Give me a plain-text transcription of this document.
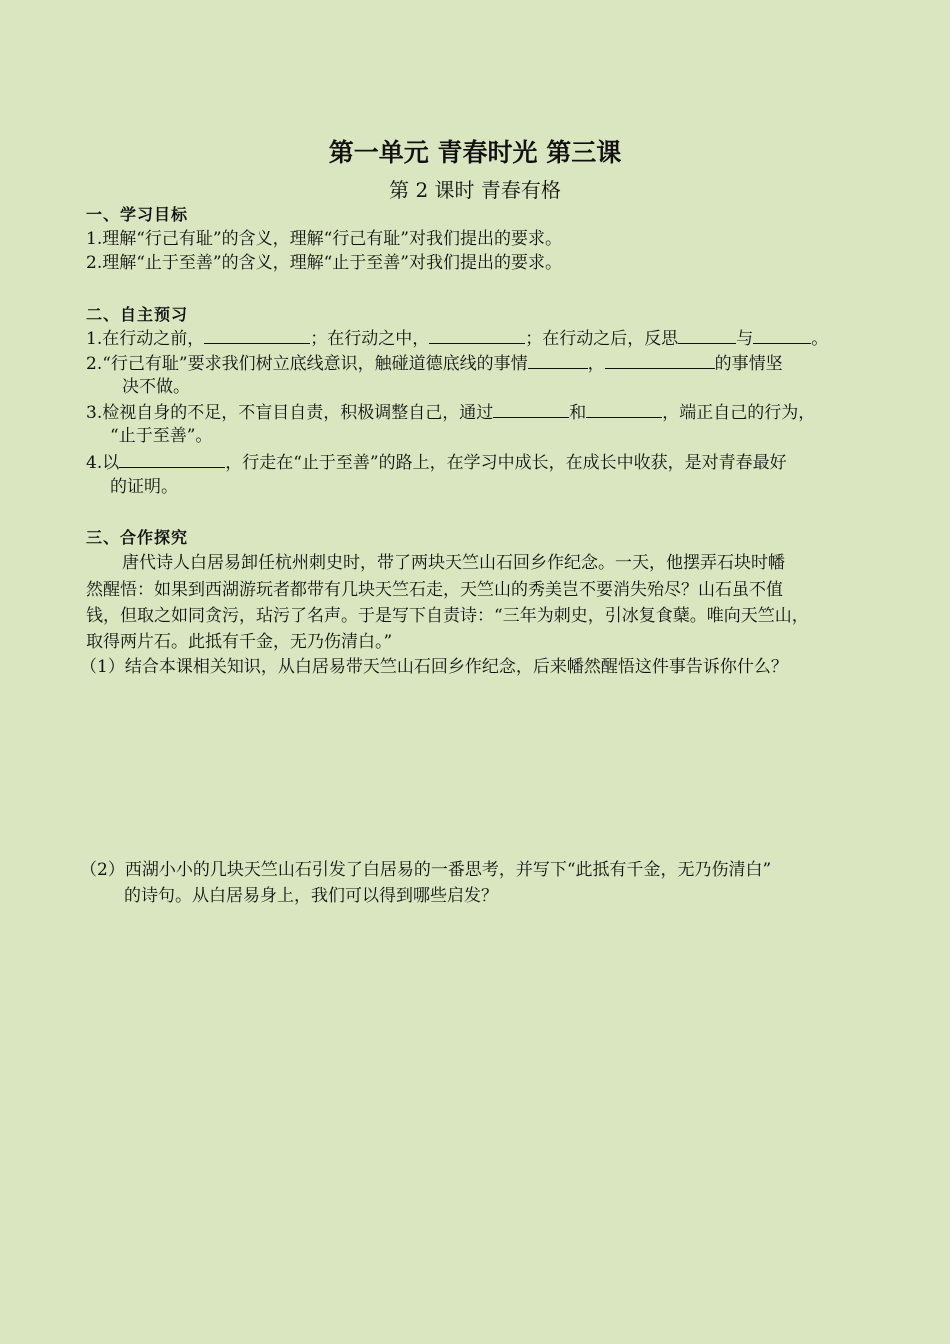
第一单元 青春时光 第三课
第 2 课时 青春有格
一、学习目标
1.理解“行己有耻”的含义，理解“行己有耻”对我们提出的要求。
2.理解“止于至善”的含义，理解“止于至善”对我们提出的要求。
二、自主预习
1.在行动之前，	；在行动之中，	；在行动之后，反思	与	。
2.“行己有耻”要求我们树立底线意识，触碰道德底线的事情	，	的事情坚
决不做。
3.检视自身的不足，不盲目自责，积极调整自己，通过	和	，端正自己的行为，
“止于至善”。
4.以	，行走在“止于至善”的路上，在学习中成长，在成长中收获，是对青春最好
的证明。
三、合作探究
唐代诗人白居易卸任杭州刺史时，带了两块天竺山石回乡作纪念。一天，他摆弄石块时幡
然醒悟：如果到西湖游玩者都带有几块天竺石走，天竺山的秀美岂不要消失殆尽？山石虽不值
钱，但取之如同贪污，玷污了名声。于是写下自责诗：“三年为刺史，引冰复食蘖。唯向天竺山，
取得两片石。此抵有千金，无乃伤清白。”
（1）结合本课相关知识，从白居易带天竺山石回乡作纪念，后来幡然醒悟这件事告诉你什么？
（2）西湖小小的几块天竺山石引发了白居易的一番思考，并写下“此抵有千金，无乃伤清白”
的诗句。从白居易身上，我们可以得到哪些启发？
